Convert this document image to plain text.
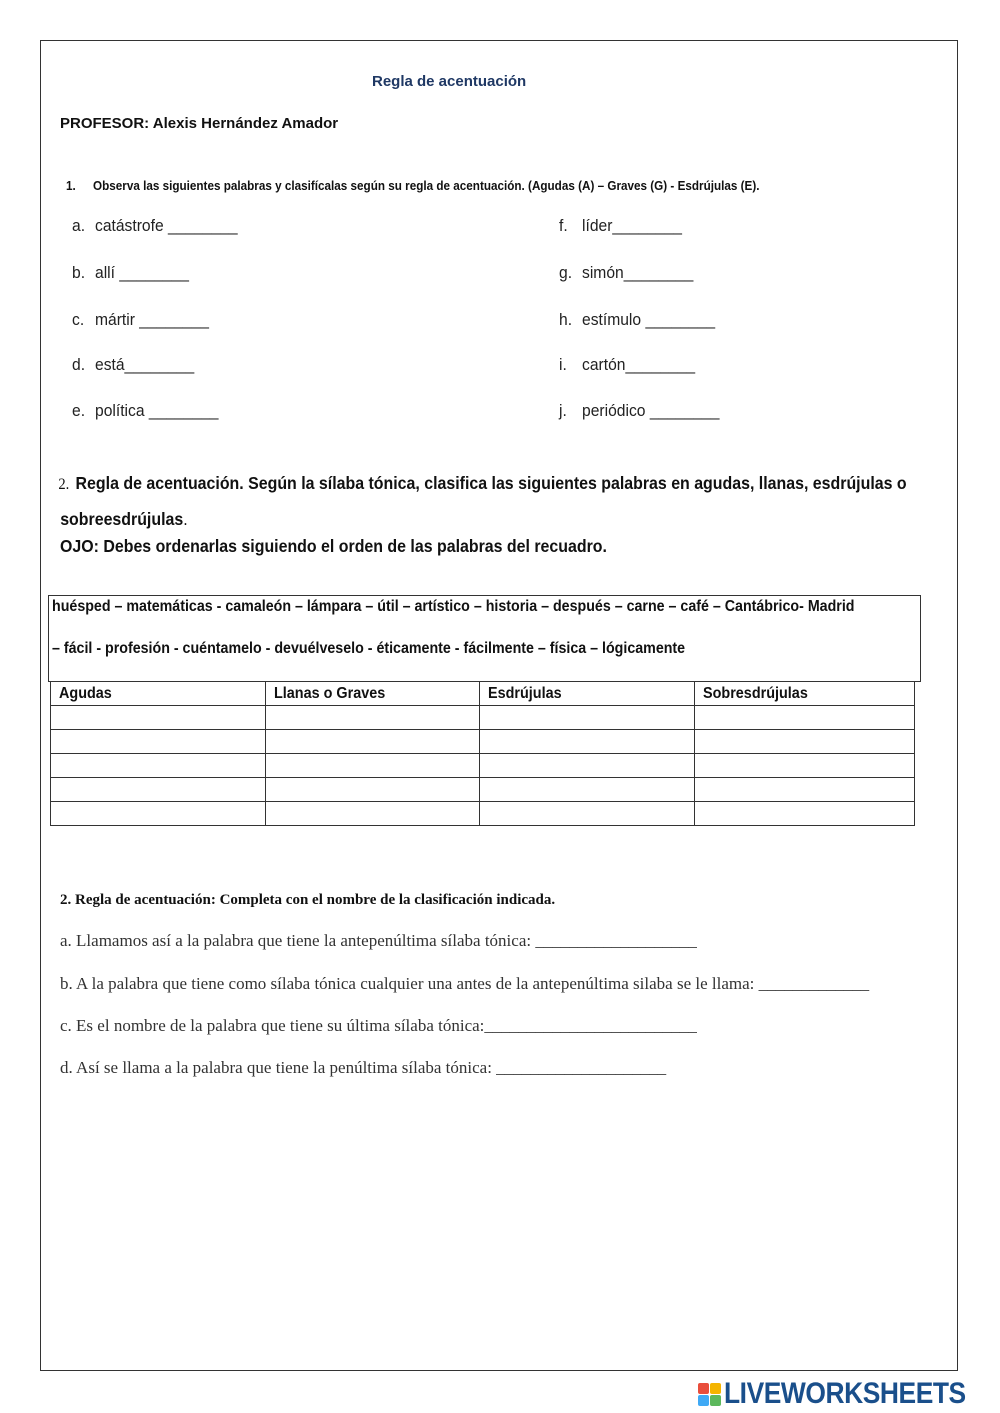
Regla de acentuación
PROFESOR: Alexis Hernández Amador
1. Observa las siguientes palabras y clasifícalas según su regla de acentuación. (Agudas (A) – Graves (G) - Esdrújulas (E).
a. catástrofe ________
b. allí ________
c. mártir ________
d. está________
e. política ________
f. líder________
g. simón________
h. estímulo ________
i. cartón________
j. periódico ________
2. Regla de acentuación. Según la sílaba tónica, clasifica las siguientes palabras en agudas, llanas, esdrújulas o
sobreesdrújulas.
OJO: Debes ordenarlas siguiendo el orden de las palabras del recuadro.
huésped – matemáticas - camaleón – lámpara – útil – artístico – historia – después – carne – café – Cantábrico- Madrid
– fácil - profesión - cuéntamelo - devuélveselo - éticamente - fácilmente – física – lógicamente
Agudas	Llanas o Graves	Esdrújulas	Sobresdrújulas

2. Regla de acentuación: Completa con el nombre de la clasificación indicada.
a. Llamamos así a la palabra que tiene la antepenúltima sílaba tónica: ___________________
b. A la palabra que tiene como sílaba tónica cualquier una antes de la antepenúltima silaba se le llama: _____________
c. Es el nombre de la palabra que tiene su última sílaba tónica:_________________________
d. Así se llama a la palabra que tiene la penúltima sílaba tónica: ____________________
LIVEWORKSHEETS
